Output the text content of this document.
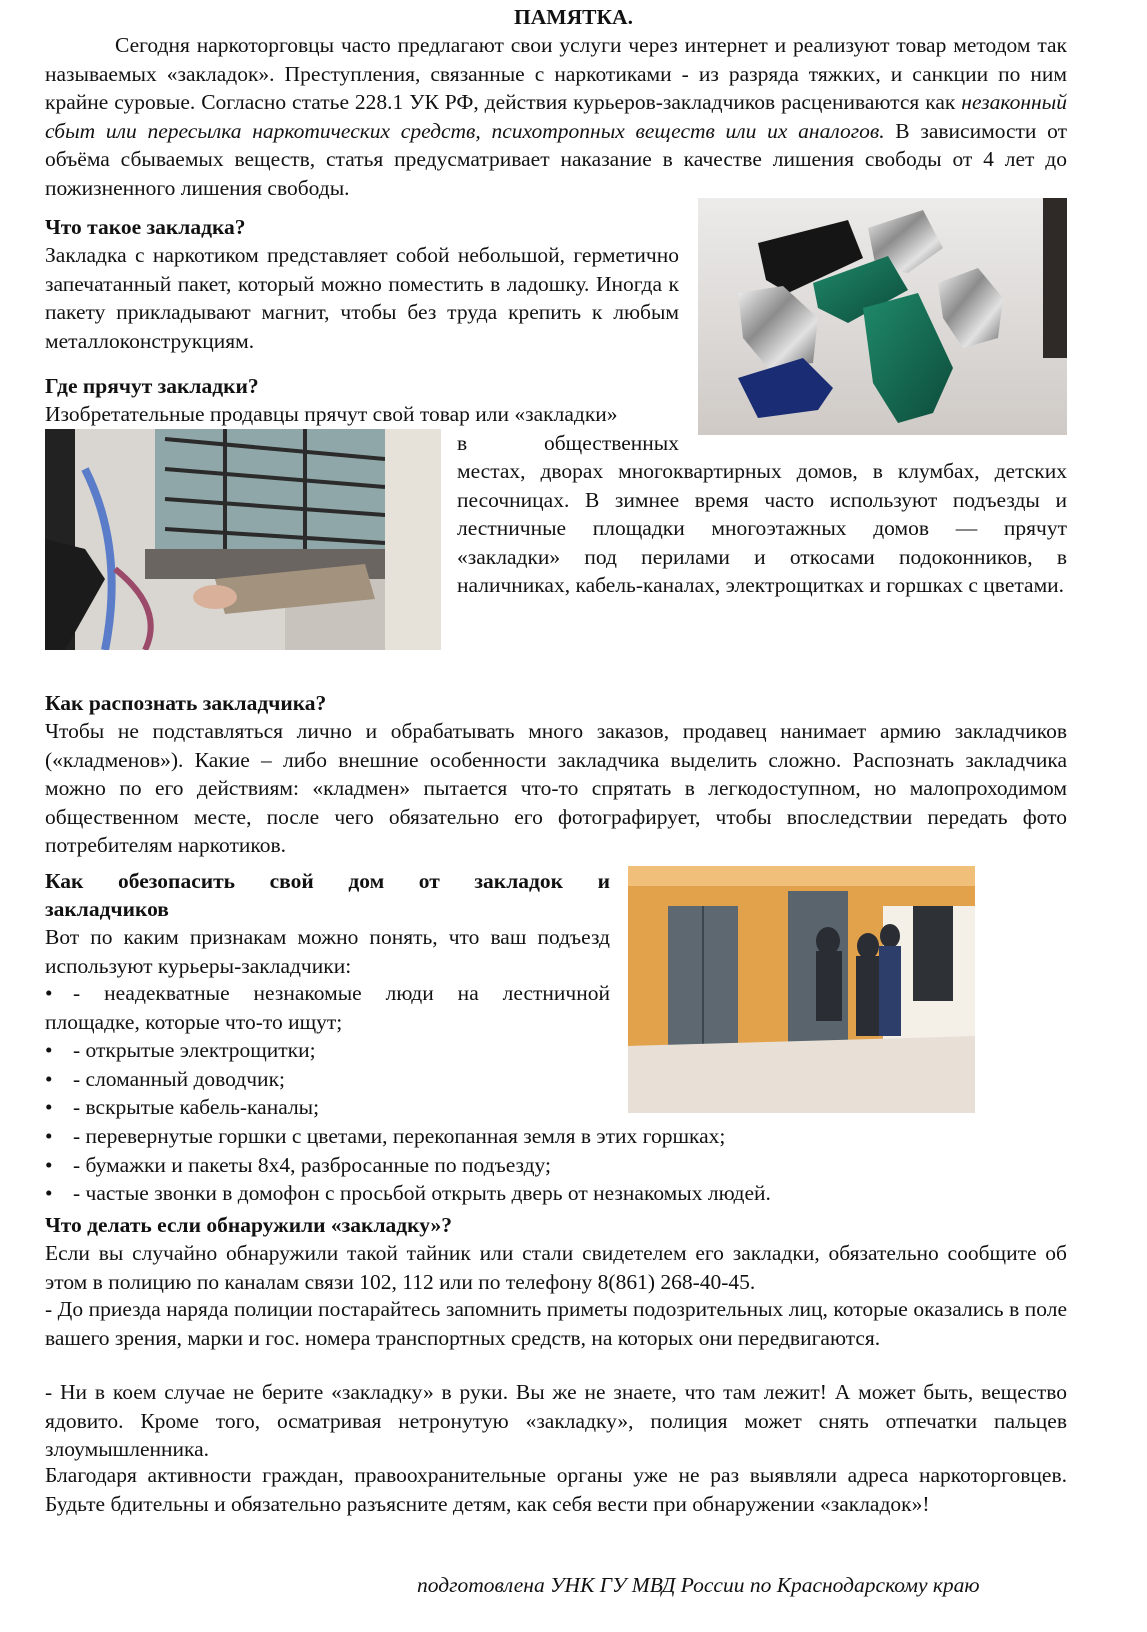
ПАМЯТКА.
Сегодня наркоторговцы часто предлагают свои услуги через интернет и реализуют товар методом так называемых «закладок». Преступления, связанные с наркотиками - из разряда тяжких, и санкции по ним крайне суровые. Согласно статье 228.1 УК РФ, действия курьеров-закладчиков расцениваются как незаконный сбыт или пересылка наркотических средств, психотропных веществ или их аналогов. В зависимости от объёма сбываемых веществ, статья предусматривает наказание в качестве лишения свободы от 4 лет до пожизненного лишения свободы.
Что такое закладка?
Закладка с наркотиком представляет собой небольшой, герметично запечатанный пакет, который можно поместить в ладошку. Иногда к пакету прикладывают магнит, чтобы без труда крепить к любым металлоконструкциям.
Где прячут закладки?
Изобретательные продавцы прячут свой товар или «закладки»
в общественных
местах, дворах многоквартирных домов, в клумбах, детских песочницах. В зимнее время часто используют подъезды и лестничные площадки многоэтажных домов — прячут «закладки» под перилами и откосами подоконников, в наличниках, кабель-каналах, электрощитках и горшках с цветами.
Как распознать закладчика?
Чтобы не подставляться лично и обрабатывать много заказов, продавец нанимает армию закладчиков («кладменов»). Какие – либо внешние особенности закладчика выделить сложно. Распознать закладчика можно по его действиям: «кладмен» пытается что-то спрятать в легкодоступном, но малопроходимом общественном месте, после чего обязательно его фотографирует, чтобы впоследствии передать фото потребителям наркотиков.
Как обезопасить свой дом от закладок и
закладчиков
Вот по каким признакам можно понять, что ваш подъезд используют курьеры-закладчики:
• - неадекватные незнакомые люди на лестничной площадке, которые что-то ищут;
• - открытые электрощитки;
• - сломанный доводчик;
• - вскрытые кабель-каналы;
• - перевернутые горшки с цветами, перекопанная земля в этих горшках;
• - бумажки и пакеты 8х4, разбросанные по подъезду;
• - частые звонки в домофон с просьбой открыть дверь от незнакомых людей.
Что делать если обнаружили «закладку»?
Если вы случайно обнаружили такой тайник или стали свидетелем его закладки, обязательно сообщите об этом в полицию по каналам связи 102, 112 или по телефону 8(861) 268-40-45.
- До приезда наряда полиции постарайтесь запомнить приметы подозрительных лиц, которые оказались в поле вашего зрения, марки и гос. номера транспортных средств, на которых они передвигаются.
- Ни в коем случае не берите «закладку» в руки. Вы же не знаете, что там лежит! А может быть, вещество ядовито. Кроме того, осматривая нетронутую «закладку», полиция может снять отпечатки пальцев злоумышленника.
Благодаря активности граждан, правоохранительные органы уже не раз выявляли адреса наркоторговцев. Будьте бдительны и обязательно разъясните детям, как себя вести при обнаружении «закладок»!
подготовлена УНК ГУ МВД России по Краснодарскому краю
